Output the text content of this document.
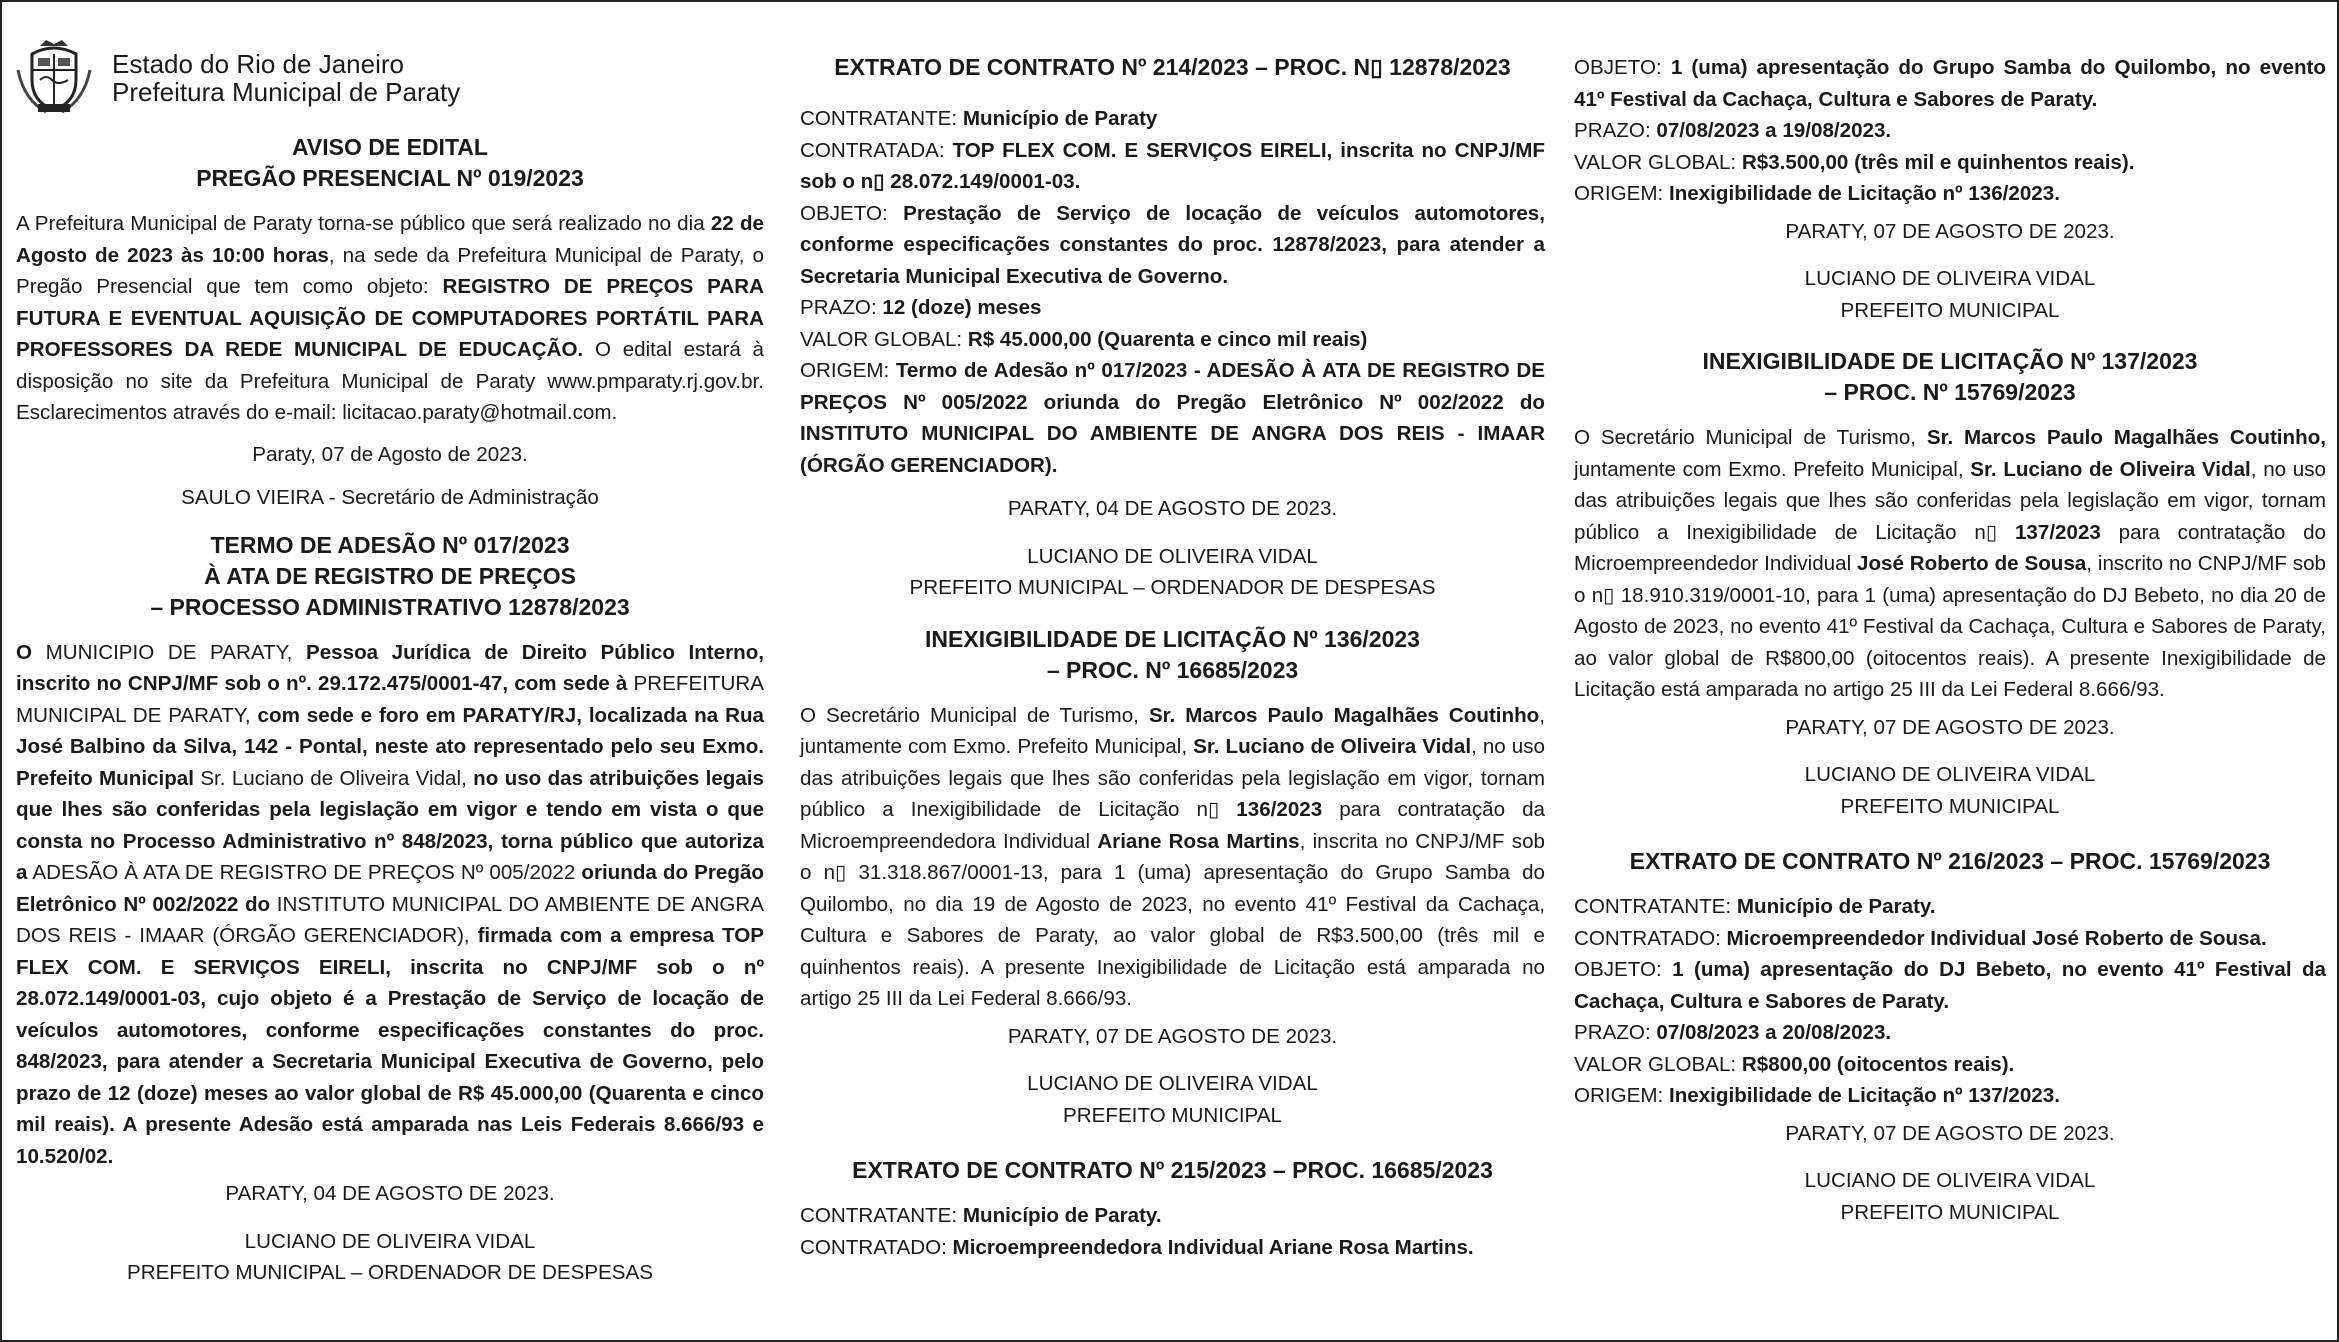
Estado do Rio de Janeiro
Prefeitura Municipal de Paraty

AVISO DE EDITAL

PREGÃO PRESENCIAL Nº 019/2023

A Prefeitura Municipal de Paraty torna-se público que será realizado no dia 22 de Agosto de 2023 às 10:00 horas, na sede da Prefeitura Municipal de Paraty, o Pregão Presencial que tem como objeto: REGISTRO DE PREÇOS PARA FUTURA E EVENTUAL AQUISIÇÃO DE COMPUTADORES PORTÁTIL PARA PROFESSORES DA REDE MUNICIPAL DE EDUCAÇÃO. O edital estará à disposição no site da Prefeitura Municipal de Paraty www.pmparaty.rj.gov.br. Esclarecimentos através do e-mail: licitacao.paraty@hotmail.com.

Paraty, 07 de Agosto de 2023.

SAULO VIEIRA - Secretário de Administração

TERMO DE ADESÃO Nº 017/2023

À ATA DE REGISTRO DE PREÇOS

– PROCESSO ADMINISTRATIVO 12878/2023

O MUNICIPIO DE PARATY, Pessoa Jurídica de Direito Público Interno, inscrito no CNPJ/MF sob o nº. 29.172.475/0001-47, com sede à PREFEITURA MUNICIPAL DE PARATY, com sede e foro em PARATY/RJ, localizada na Rua José Balbino da Silva, 142 - Pontal, neste ato representado pelo seu Exmo. Prefeito Municipal Sr. Luciano de Oliveira Vidal, no uso das atribuições legais que lhes são conferidas pela legislação em vigor e tendo em vista o que consta no Processo Administrativo nº 848/2023, torna público que autoriza a ADESÃO À ATA DE REGISTRO DE PREÇOS Nº 005/2022 oriunda do Pregão Eletrônico Nº 002/2022 do INSTITUTO MUNICIPAL DO AMBIENTE DE ANGRA DOS REIS - IMAAR (ÓRGÃO GERENCIADOR), firmada com a empresa TOP FLEX COM. E SERVIÇOS EIRELI, inscrita no CNPJ/MF sob o nº 28.072.149/0001-03, cujo objeto é a Prestação de Serviço de locação de veículos automotores, conforme especificações constantes do proc. 848/2023, para atender a Secretaria Municipal Executiva de Governo, pelo prazo de 12 (doze) meses ao valor global de R$ 45.000,00 (Quarenta e cinco mil reais). A presente Adesão está amparada nas Leis Federais 8.666/93 e 10.520/02.

PARATY, 04 DE AGOSTO DE 2023.

LUCIANO DE OLIVEIRA VIDAL

PREFEITO MUNICIPAL – ORDENADOR DE DESPESAS

EXTRATO DE CONTRATO Nº 214/2023 – PROC. N▯ 12878/2023

CONTRATANTE: Município de Paraty

CONTRATADA: TOP FLEX COM. E SERVIÇOS EIRELI, inscrita no CNPJ/MF sob o n▯ 28.072.149/0001-03.

OBJETO: Prestação de Serviço de locação de veículos automotores, conforme especificações constantes do proc. 12878/2023, para atender a Secretaria Municipal Executiva de Governo.

PRAZO: 12 (doze) meses

VALOR GLOBAL: R$ 45.000,00 (Quarenta e cinco mil reais)

ORIGEM: Termo de Adesão nº 017/2023 - ADESÃO À ATA DE REGISTRO DE PREÇOS Nº 005/2022 oriunda do Pregão Eletrônico Nº 002/2022 do INSTITUTO MUNICIPAL DO AMBIENTE DE ANGRA DOS REIS - IMAAR (ÓRGÃO GERENCIADOR).

PARATY, 04 DE AGOSTO DE 2023.

LUCIANO DE OLIVEIRA VIDAL

PREFEITO MUNICIPAL – ORDENADOR DE DESPESAS

INEXIGIBILIDADE DE LICITAÇÃO Nº 136/2023

– PROC. Nº 16685/2023

O Secretário Municipal de Turismo, Sr. Marcos Paulo Magalhães Coutinho, juntamente com Exmo. Prefeito Municipal, Sr. Luciano de Oliveira Vidal, no uso das atribuições legais que lhes são conferidas pela legislação em vigor, tornam público a Inexigibilidade de Licitação n▯ 136/2023 para contratação da Microempreendedora Individual Ariane Rosa Martins, inscrita no CNPJ/MF sob o n▯ 31.318.867/0001-13, para 1 (uma) apresentação do Grupo Samba do Quilombo, no dia 19 de Agosto de 2023, no evento 41º Festival da Cachaça, Cultura e Sabores de Paraty, ao valor global de R$3.500,00 (três mil e quinhentos reais). A presente Inexigibilidade de Licitação está amparada no artigo 25 III da Lei Federal 8.666/93.

PARATY, 07 DE AGOSTO DE 2023.

LUCIANO DE OLIVEIRA VIDAL

PREFEITO MUNICIPAL

EXTRATO DE CONTRATO Nº 215/2023 – PROC. 16685/2023

CONTRATANTE: Município de Paraty.

CONTRATADO: Microempreendedora Individual Ariane Rosa Martins.

OBJETO: 1 (uma) apresentação do Grupo Samba do Quilombo, no evento 41º Festival da Cachaça, Cultura e Sabores de Paraty.

PRAZO: 07/08/2023 a 19/08/2023.

VALOR GLOBAL: R$3.500,00 (três mil e quinhentos reais).

ORIGEM: Inexigibilidade de Licitação nº 136/2023.

PARATY, 07 DE AGOSTO DE 2023.

LUCIANO DE OLIVEIRA VIDAL

PREFEITO MUNICIPAL

INEXIGIBILIDADE DE LICITAÇÃO Nº 137/2023

– PROC. Nº 15769/2023

O Secretário Municipal de Turismo, Sr. Marcos Paulo Magalhães Coutinho, juntamente com Exmo. Prefeito Municipal, Sr. Luciano de Oliveira Vidal, no uso das atribuições legais que lhes são conferidas pela legislação em vigor, tornam público a Inexigibilidade de Licitação n▯ 137/2023 para contratação do Microempreendedor Individual José Roberto de Sousa, inscrito no CNPJ/MF sob o n▯ 18.910.319/0001-10, para 1 (uma) apresentação do DJ Bebeto, no dia 20 de Agosto de 2023, no evento 41º Festival da Cachaça, Cultura e Sabores de Paraty, ao valor global de R$800,00 (oitocentos reais). A presente Inexigibilidade de Licitação está amparada no artigo 25 III da Lei Federal 8.666/93.

PARATY, 07 DE AGOSTO DE 2023.

LUCIANO DE OLIVEIRA VIDAL

PREFEITO MUNICIPAL

EXTRATO DE CONTRATO Nº 216/2023 – PROC. 15769/2023

CONTRATANTE: Município de Paraty.

CONTRATADO: Microempreendedor Individual José Roberto de Sousa.

OBJETO: 1 (uma) apresentação do DJ Bebeto, no evento 41º Festival da Cachaça, Cultura e Sabores de Paraty.

PRAZO: 07/08/2023 a 20/08/2023.

VALOR GLOBAL: R$800,00 (oitocentos reais).

ORIGEM: Inexigibilidade de Licitação nº 137/2023.

PARATY, 07 DE AGOSTO DE 2023.

LUCIANO DE OLIVEIRA VIDAL

PREFEITO MUNICIPAL
